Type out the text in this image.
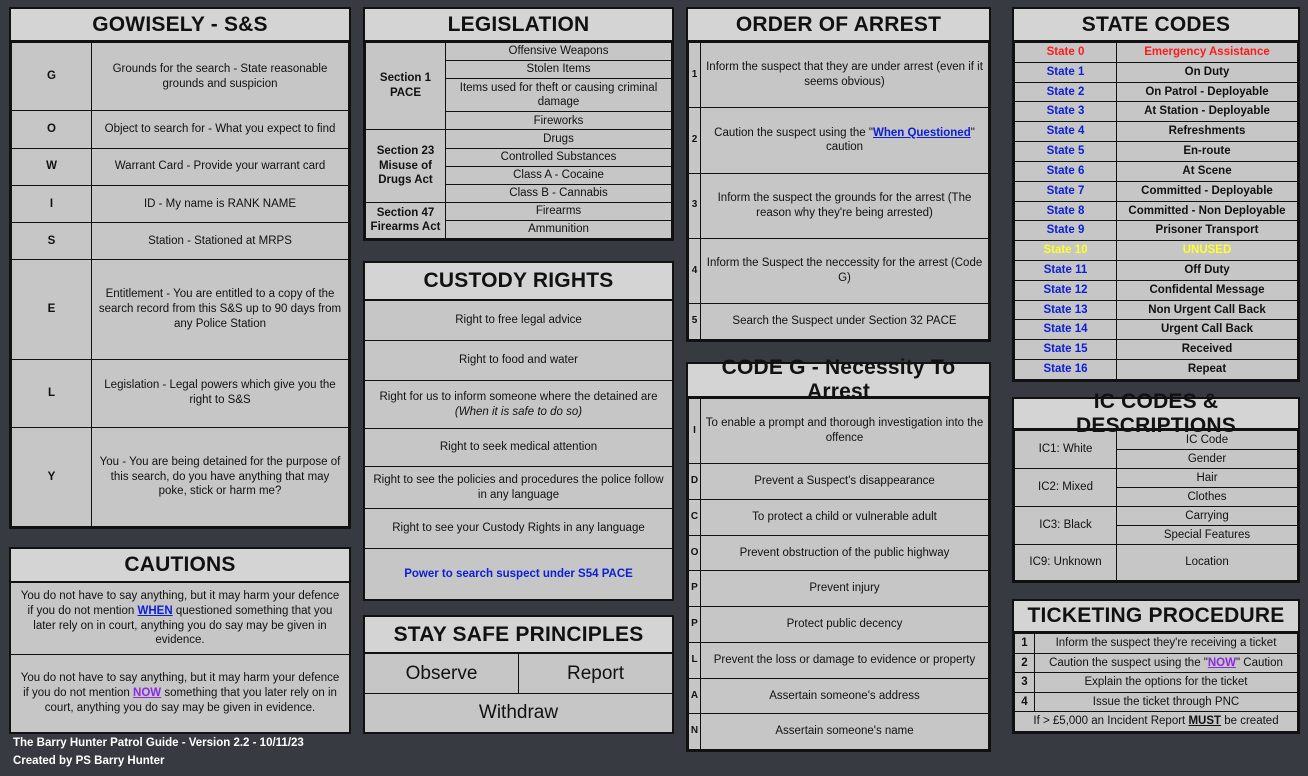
GOWISELY - S&S
G	Grounds for the search - State reasonable grounds and suspicion
O	Object to search for - What you expect to find
W	Warrant Card - Provide your warrant card
I	ID - My name is RANK NAME
S	Station - Stationed at MRPS
E	Entitlement - You are entitled to a copy of the search record from this S&S up to 90 days from any Police Station
L	Legislation - Legal powers which give you the right to S&S
Y	You - You are being detained for the purpose of this search, do you have anything that may poke, stick or harm me?
CAUTIONS
You do not have to say anything, but it may harm your defence if you do not mention WHEN questioned something that you later rely on in court, anything you do say may be given in evidence.
You do not have to say anything, but it may harm your defence if you do not mention NOW something that you later rely on in court, anything you do say may be given in evidence.
LEGISLATION
Section 1 PACE	Offensive Weapons
	Stolen Items
	Items used for theft or causing criminal damage
	Fireworks
Section 23 Misuse of Drugs Act	Drugs
	Controlled Substances
	Class A - Cocaine
	Class B - Cannabis
Section 47 Firearms Act	Firearms
	Ammunition
CUSTODY RIGHTS
Right to free legal advice
Right to food and water
Right for us to inform someone where the detained are
(When it is safe to do so)
Right to seek medical attention
Right to see the policies and procedures the police follow in any language
Right to see your Custody Rights in any language
Power to search suspect under S54 PACE
STAY SAFE PRINCIPLES
Observe	Report
Withdraw
ORDER OF ARREST
1	Inform the suspect that they are under arrest (even if it seems obvious)
2	Caution the suspect using the "When Questioned" caution
3	Inform the suspect the grounds for the arrest (The reason why they're being arrested)
4	Inform the Suspect the neccessity for the arrest (Code G)
5	Search the Suspect under Section 32 PACE
CODE G - Necessity To Arrest
I	To enable a prompt and thorough investigation into the offence
D	Prevent a Suspect's disappearance
C	To protect a child or vulnerable adult
O	Prevent obstruction of the public highway
P	Prevent injury
P	Protect public decency
L	Prevent the loss or damage to evidence or property
A	Assertain someone's address
N	Assertain someone's name
STATE CODES
State 0	Emergency Assistance
State 1	On Duty
State 2	On Patrol - Deployable
State 3	At Station - Deployable
State 4	Refreshments
State 5	En-route
State 6	At Scene
State 7	Committed - Deployable
State 8	Committed - Non Deployable
State 9	Prisoner Transport
State 10	UNUSED
State 11	Off Duty
State 12	Confidental Message
State 13	Non Urgent Call Back
State 14	Urgent Call Back
State 15	Received
State 16	Repeat
IC CODES & DESCRIPTIONS
IC1: White	IC Code
	Gender
IC2: Mixed	Hair
	Clothes
IC3: Black	Carrying
	Special Features
IC9: Unknown	Location
TICKETING PROCEDURE
1	Inform the suspect they're receiving a ticket
2	Caution the suspect using the "NOW" Caution
3	Explain the options for the ticket
4	Issue the ticket through PNC
If > £5,000 an Incident Report MUST be created	
The Barry Hunter Patrol Guide - Version 2.2 - 10/11/23
Created by PS Barry Hunter
